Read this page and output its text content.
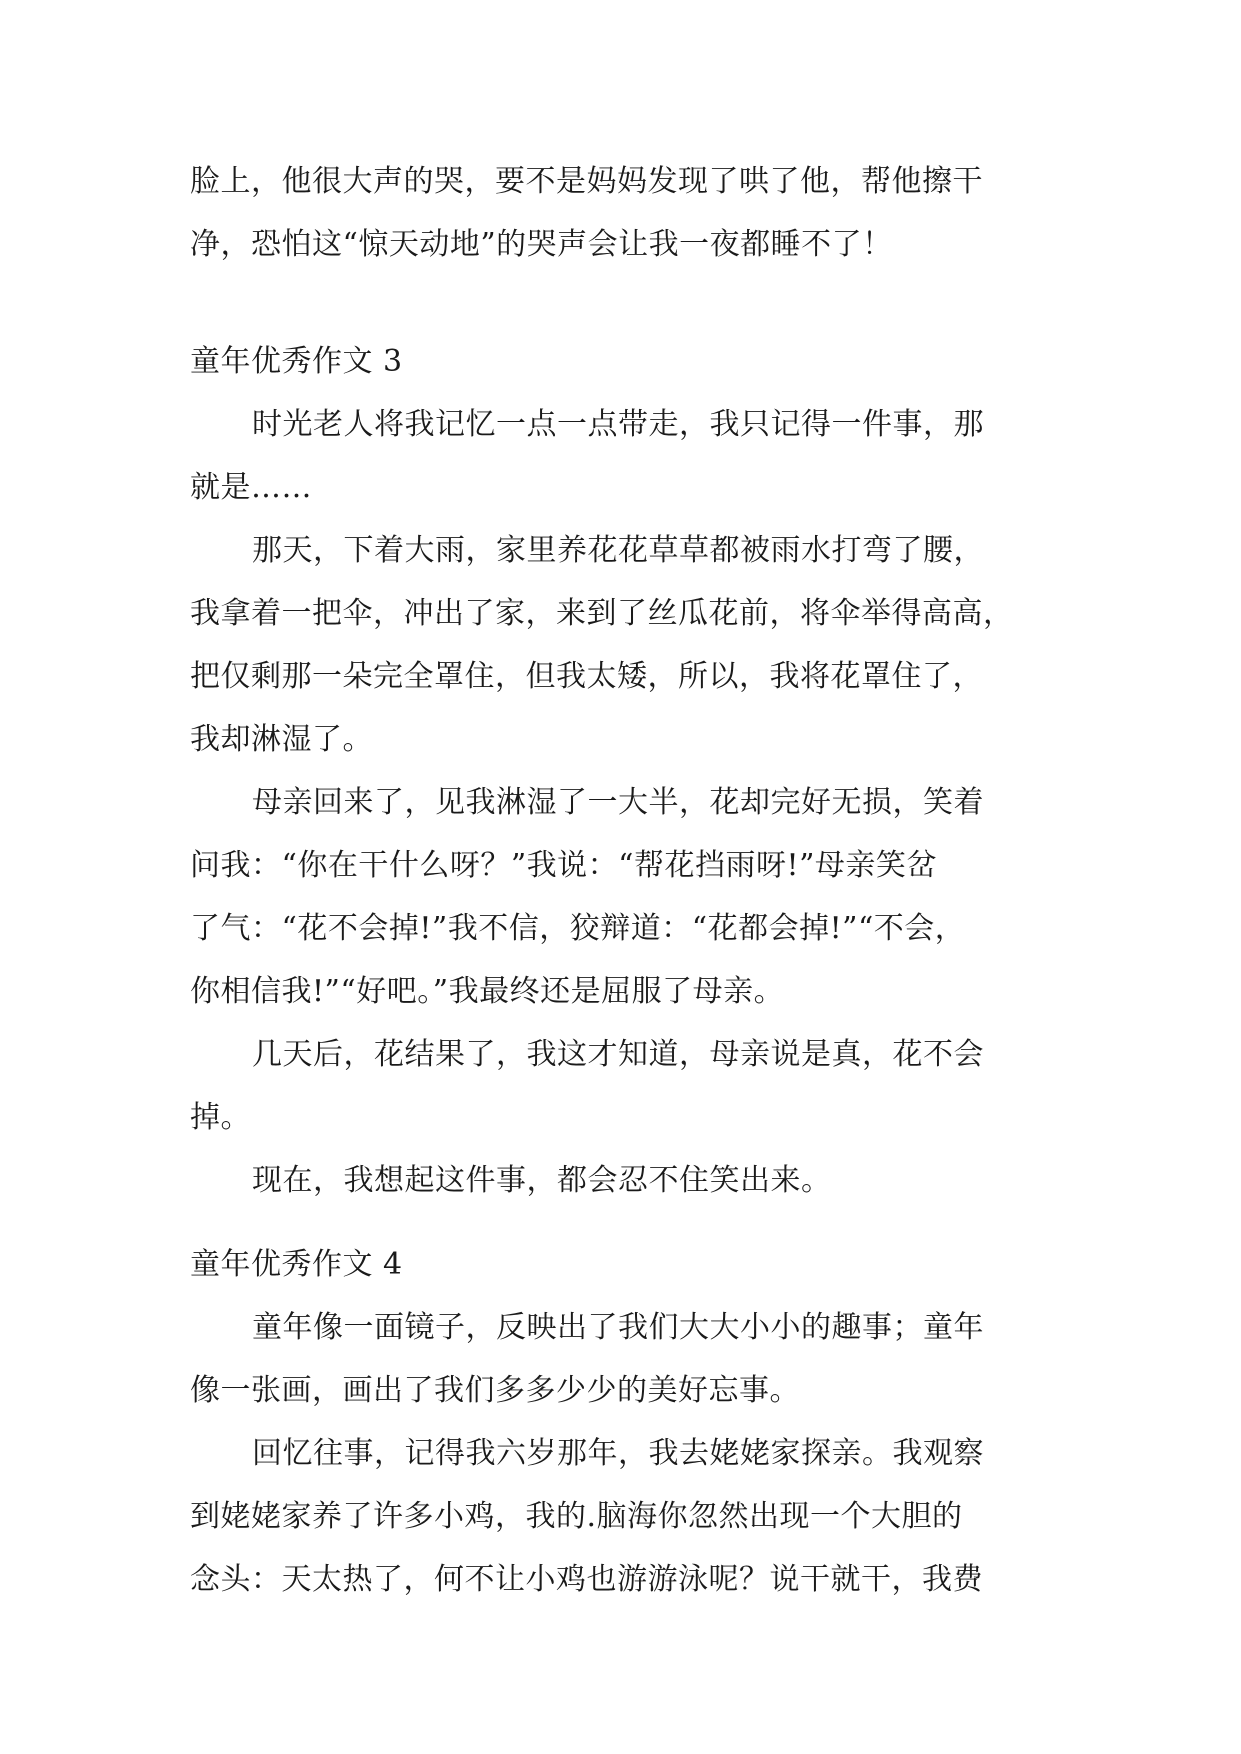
脸上，他很大声的哭，要不是妈妈发现了哄了他，帮他擦干

净，恐怕这“惊天动地”的哭声会让我一夜都睡不了！

童年优秀作文 3

时光老人将我记忆一点一点带走，我只记得一件事，那

就是……

那天，下着大雨，家里养花花草草都被雨水打弯了腰，

我拿着一把伞，冲出了家，来到了丝瓜花前，将伞举得高高，

把仅剩那一朵完全罩住，但我太矮，所以，我将花罩住了，

我却淋湿了。

母亲回来了，见我淋湿了一大半，花却完好无损，笑着

问我：“你在干什么呀？”我说：“帮花挡雨呀!”母亲笑岔

了气：“花不会掉!”我不信，狡辩道：“花都会掉!”“不会，

你相信我!”“好吧。”我最终还是屈服了母亲。

几天后，花结果了，我这才知道，母亲说是真，花不会

掉。

现在，我想起这件事，都会忍不住笑出来。

童年优秀作文 4

童年像一面镜子，反映出了我们大大小小的趣事；童年

像一张画，画出了我们多多少少的美好忘事。

回忆往事，记得我六岁那年，我去姥姥家探亲。我观察

到姥姥家养了许多小鸡，我的.脑海你忽然出现一个大胆的

念头：天太热了，何不让小鸡也游游泳呢？说干就干，我费
